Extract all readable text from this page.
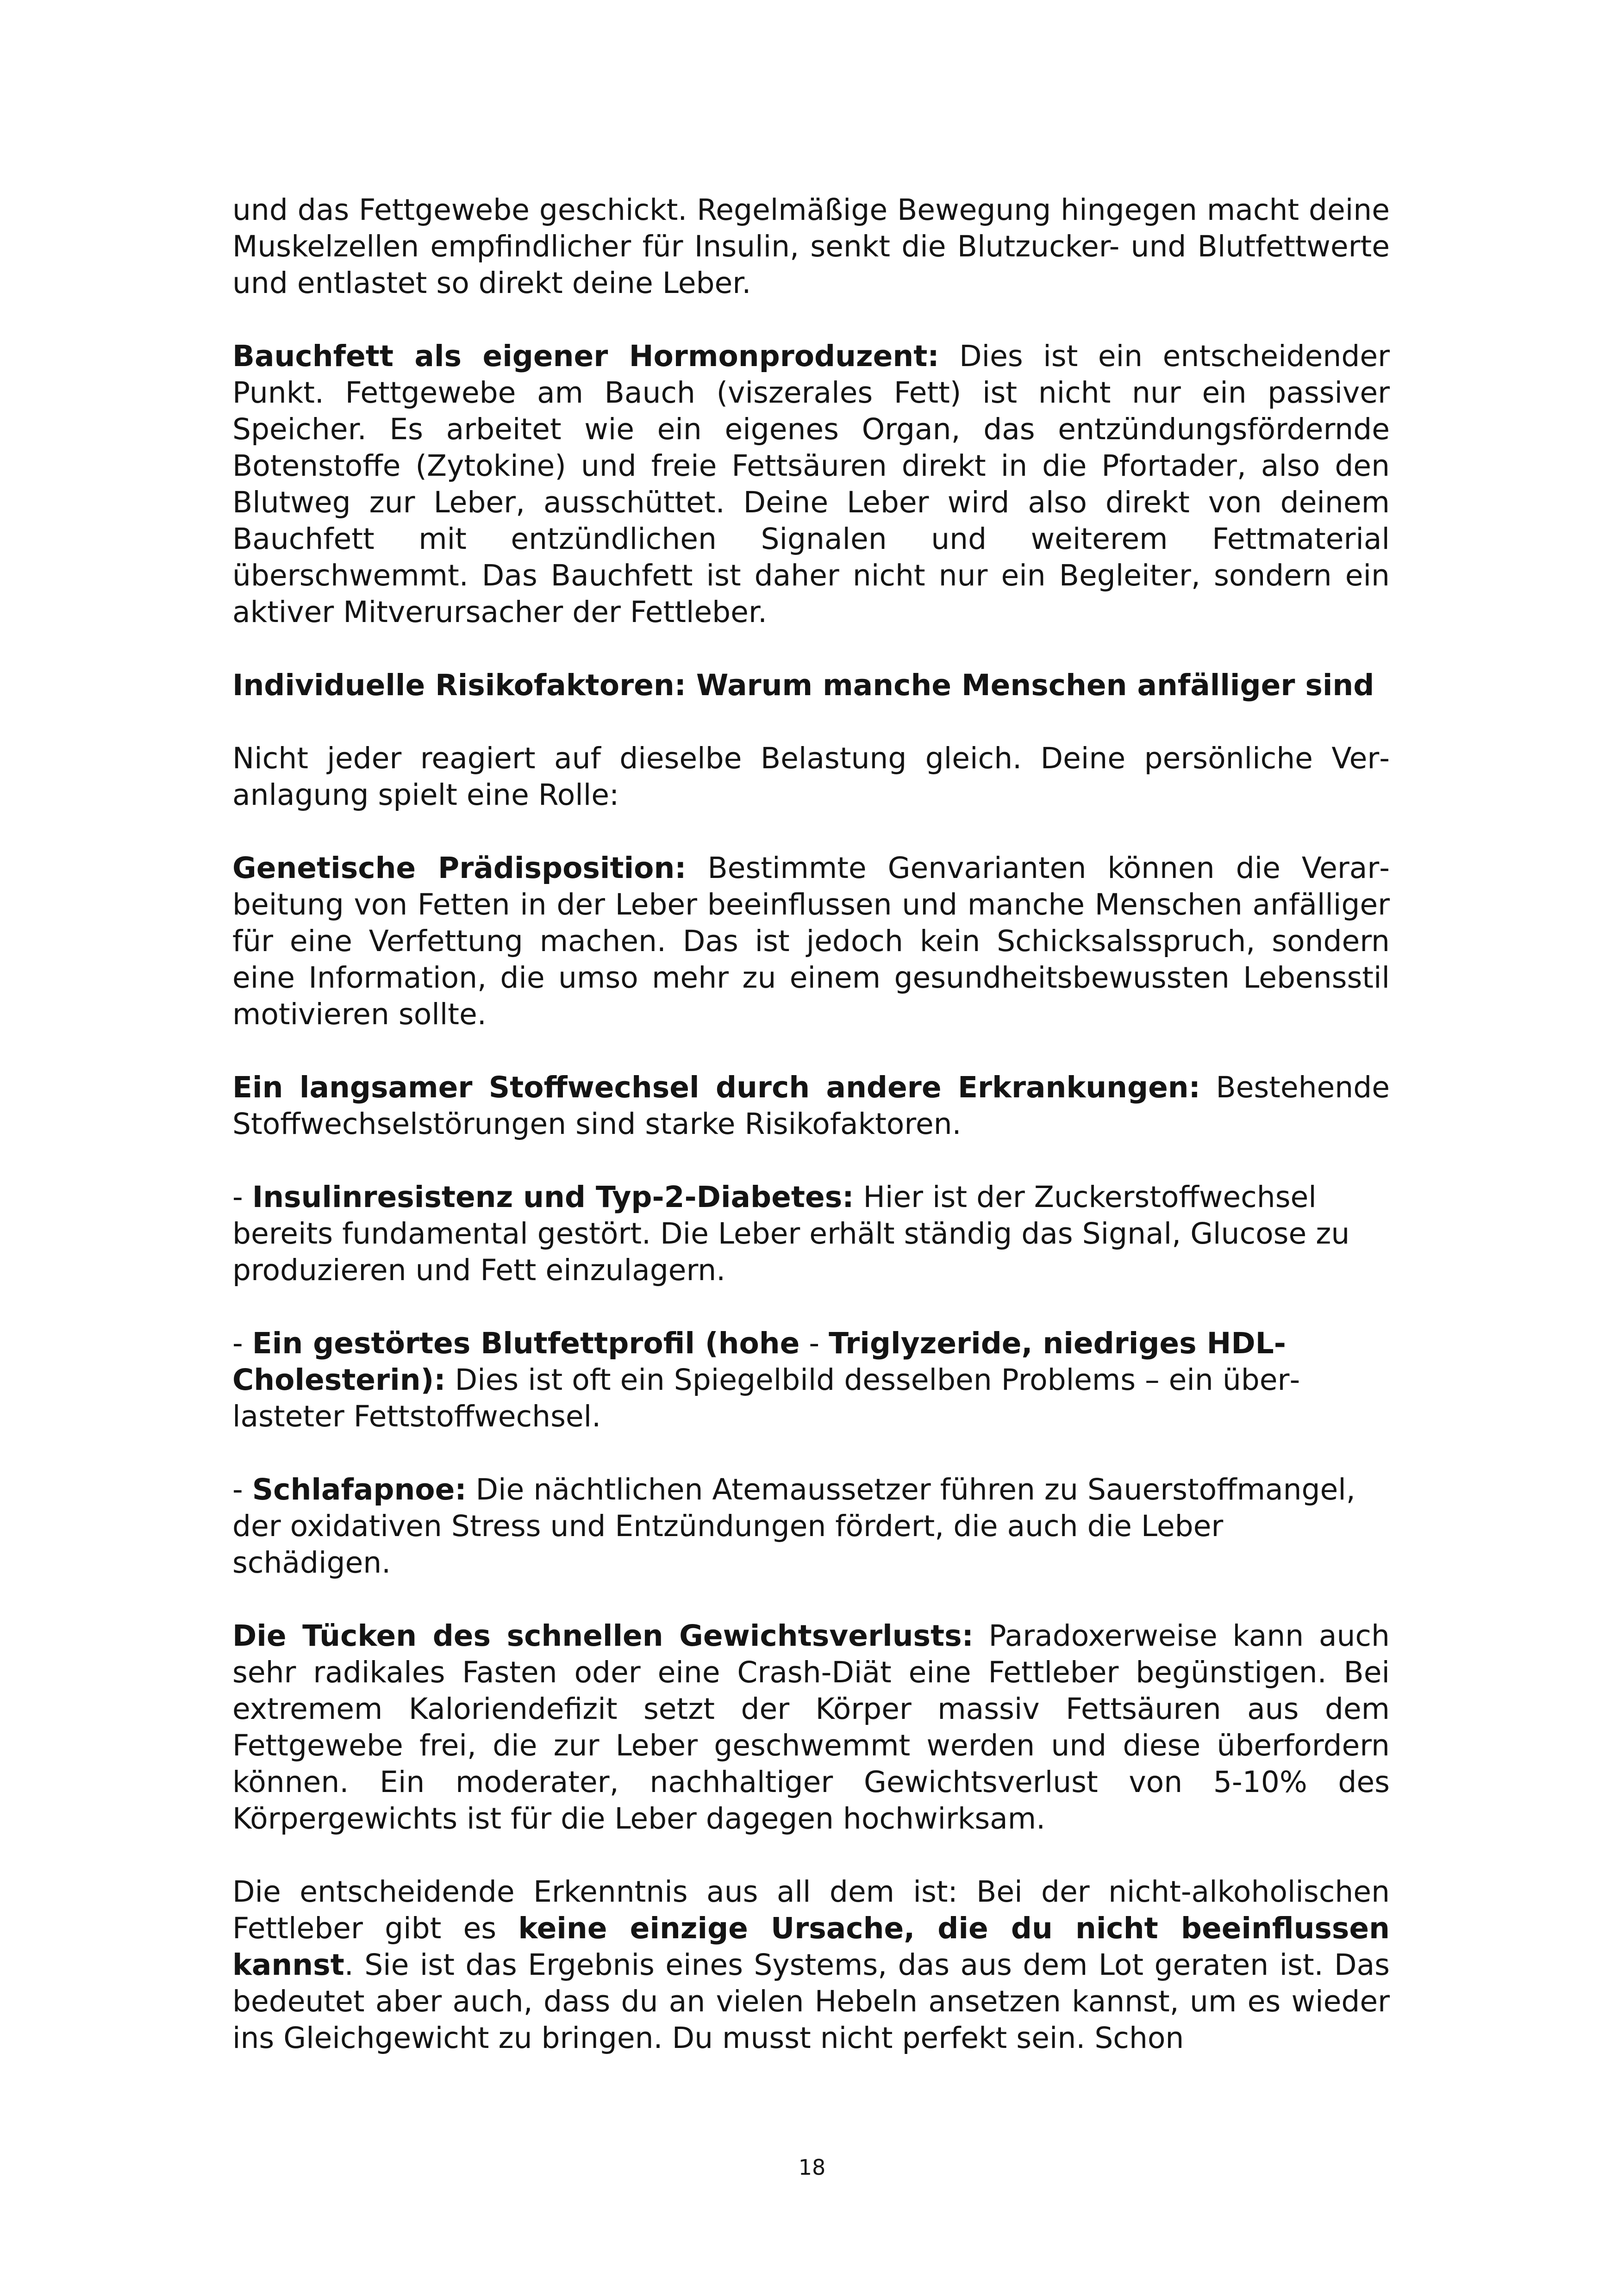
und das Fettgewebe geschickt. Regelmäßige Bewegung hingegen macht deine Muskelzellen empfindlicher für Insulin, senkt die Blutzucker- und Blutfettwerte und entlastet so direkt deine Leber.

Bauchfett als eigener Hormonproduzent: Dies ist ein entscheidender Punkt. Fettgewebe am Bauch (viszerales Fett) ist nicht nur ein passiver Speicher. Es arbeitet wie ein eigenes Organ, das entzündungsfördernde Botenstoffe (Zytokine) und freie Fettsäuren direkt in die Pfortader, also den Blutweg zur Leber, ausschüttet. Deine Leber wird also direkt von deinem Bauchfett mit entzündlichen Signalen und weiterem Fettmaterial überschwemmt. Das Bauchfett ist daher nicht nur ein Begleiter, sondern ein aktiver Mitverursacher der Fettleber.

Individuelle Risikofaktoren: Warum manche Menschen anfälliger sind

Nicht jeder reagiert auf dieselbe Belastung gleich. Deine persönliche Veranlagung spielt eine Rolle:

Genetische Prädisposition: Bestimmte Genvarianten können die Verarbeitung von Fetten in der Leber beeinflussen und manche Menschen anfälliger für eine Verfettung machen. Das ist jedoch kein Schicksalsspruch, sondern eine Information, die umso mehr zu einem gesundheitsbewussten Lebensstil motivieren sollte.

Ein langsamer Stoffwechsel durch andere Erkrankungen: Bestehende Stoffwechselstörungen sind starke Risikofaktoren.

- Insulinresistenz und Typ-2-Diabetes: Hier ist der Zuckerstoffwechsel bereits fundamental gestört. Die Leber erhält ständig das Signal, Glucose zu produzieren und Fett einzulagern.

- Ein gestörtes Blutfettprofil (hohe - Triglyzeride, niedriges HDL-Cholesterin): Dies ist oft ein Spiegelbild desselben Problems – ein überlasteter Fettstoffwechsel.

- Schlafapnoe: Die nächtlichen Atemaussetzer führen zu Sauerstoffmangel, der oxidativen Stress und Entzündungen fördert, die auch die Leber schädigen.

Die Tücken des schnellen Gewichtsverlusts: Paradoxerweise kann auch sehr radikales Fasten oder eine Crash-Diät eine Fettleber begünstigen. Bei extremem Kaloriendefizit setzt der Körper massiv Fettsäuren aus dem Fettgewebe frei, die zur Leber geschwemmt werden und diese überfordern können. Ein moderater, nachhaltiger Gewichtsverlust von 5-10% des Körpergewichts ist für die Leber dagegen hochwirksam.

Die entscheidende Erkenntnis aus all dem ist: Bei der nicht-alkoholischen Fettleber gibt es keine einzige Ursache, die du nicht beeinflussen kannst. Sie ist das Ergebnis eines Systems, das aus dem Lot geraten ist. Das bedeutet aber auch, dass du an vielen Hebeln ansetzen kannst, um es wieder ins Gleichgewicht zu bringen. Du musst nicht perfekt sein. Schon

18
